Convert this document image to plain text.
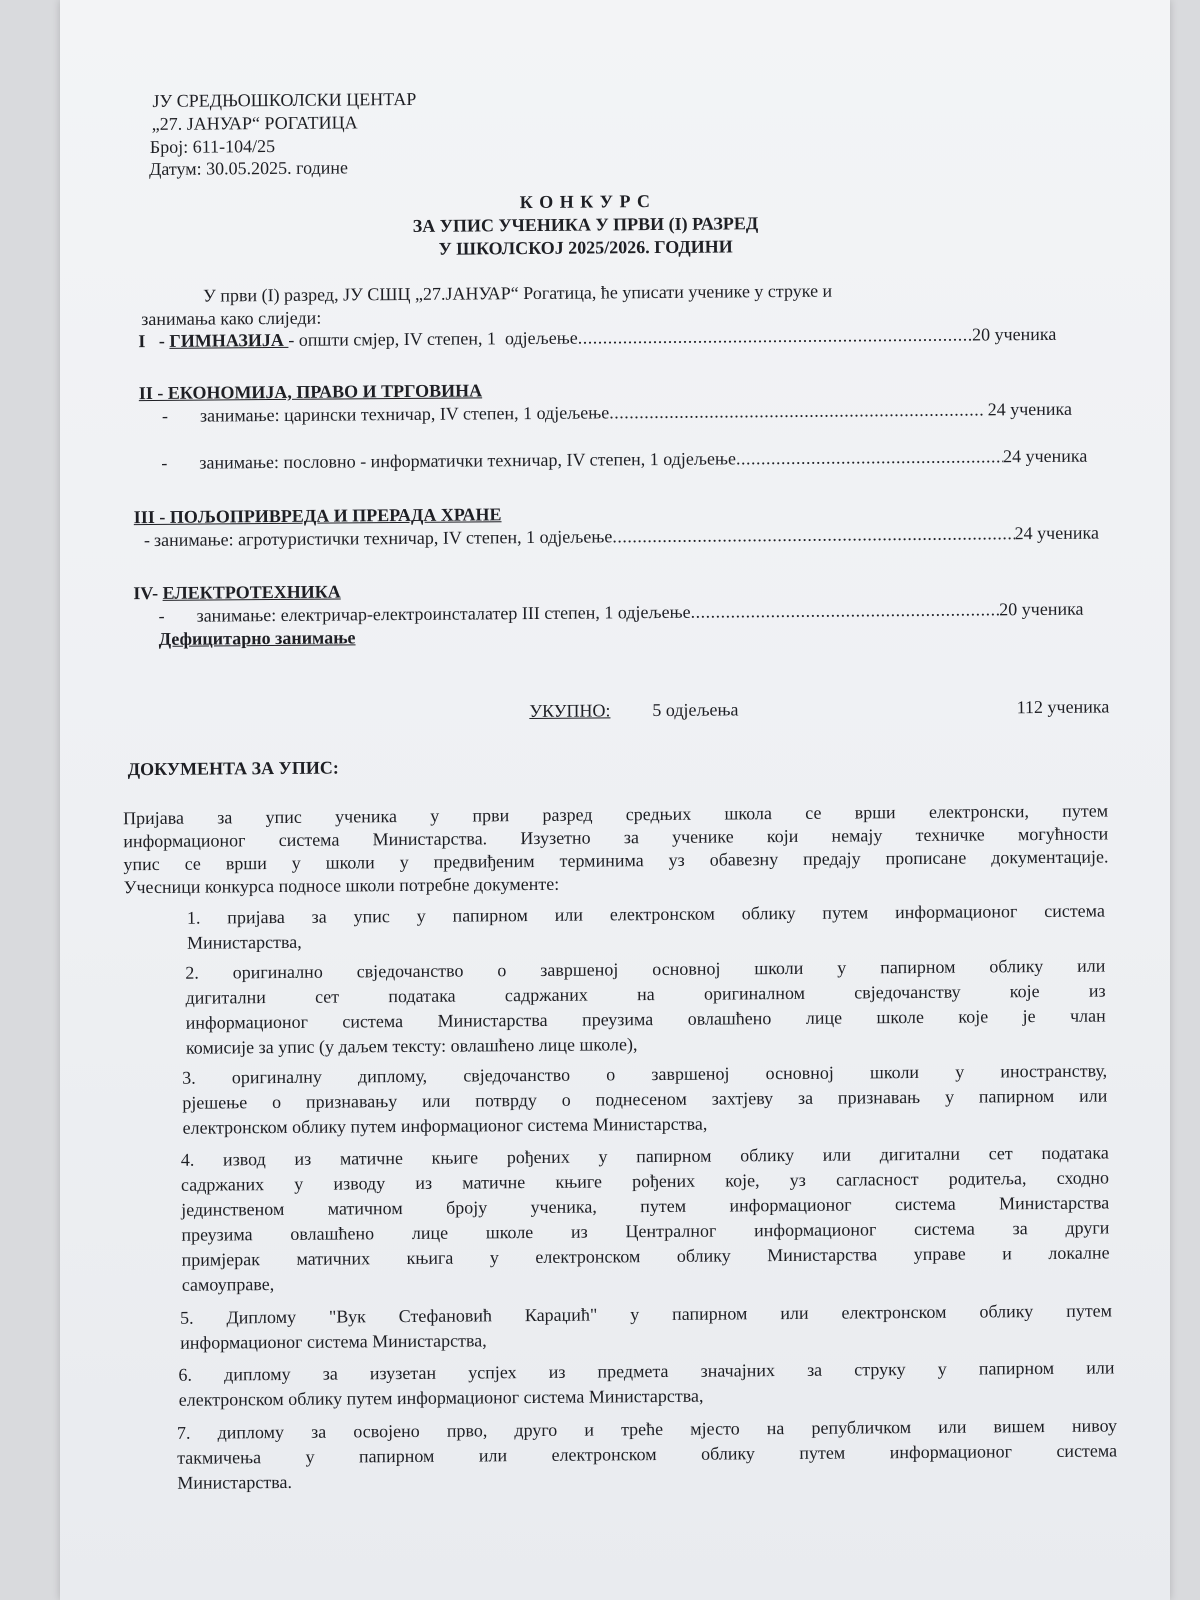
ЈУ СРЕДЊОШКОЛСКИ ЦЕНТАР
„27. ЈАНУАР“ РОГАТИЦА
Број: 611-104/25
Датум: 30.05.2025. године
К О Н К У Р С
ЗА УПИС УЧЕНИКА У ПРВИ (I) РАЗРЕД
У ШКОЛСКОЈ 2025/2026. ГОДИНИ
У први (I) разред, ЈУ СШЦ „27.ЈАНУАР“ Рогатица, ће уписати ученике у струке и
занимања како слиједи:
I   - ГИМНАЗИЈА - општи смјер, IV степен, 1  одјељење .....	20 ученика
II - ЕКОНОМИЈА, ПРАВО И ТРГОВИНА
-	занимање: царински техничар, IV степен, 1 одјељење .....	24 ученика
-	занимање: пословно - информатички техничар, IV степен, 1 одјељење .....	24 ученика
III - ПОЉОПРИВРЕДА И ПРЕРАДА ХРАНЕ
- занимање: агротуристички техничар, IV степен, 1 одјељење .....	24 ученика
IV- ЕЛЕКТРОТЕХНИКА
-	занимање: електричар-електроинсталатер III степен, 1 одјељење .....	20 ученика
Дефицитарно занимање
УКУПНО: 5 одјељења	112 ученика
ДОКУМЕНТА ЗА УПИС:
Пријава за упис ученика у први разред средњих школа се врши електронски, путем
информационог система Министарства. Изузетно за ученике који немају техничке могућности
упис се врши у школи у предвиђеним терминима уз обавезну предају прописане документације.
Учесници конкурса подносе школи потребне документе:
1. пријава за упис у папирном или електронском облику путем информационог система
Министарства,
2. оригинално свједочанство о завршеној основној школи у папирном облику или
дигитални сет података садржаних на оригиналном свједочанству које из
информационог система Министарства преузима овлашћено лице школе које је члан
комисије за упис (у даљем тексту: овлашћено лице школе),
3. оригиналну диплому, свједочанство о завршеној основној школи у иностранству,
рјешење о признавању или потврду о поднесеном захтјеву за признавањ у папирном или
електронском облику путем информационог система Министарства,
4. извод из матичне књиге рођених у папирном облику или дигитални сет података
садржаних у изводу из матичне књиге рођених које, уз сагласност родитеља, сходно
јединственом матичном броју ученика, путем информационог система Министарства
преузима овлашћено лице школе из Централног информационог система за други
примјерак матичних књига у електронском облику Министарства управе и локалне
самоуправе,
5. Диплому "Вук Стефановић Караџић" у папирном или електронском облику путем
информационог система Министарства,
6. диплому за изузетан успјех из предмета значајних за струку у папирном или
електронском облику путем информационог система Министарства,
7. диплому за освојено прво, друго и треће мјесто на републичком или вишем нивоу
такмичења у папирном или електронском облику путем информационог система
Министарства.
